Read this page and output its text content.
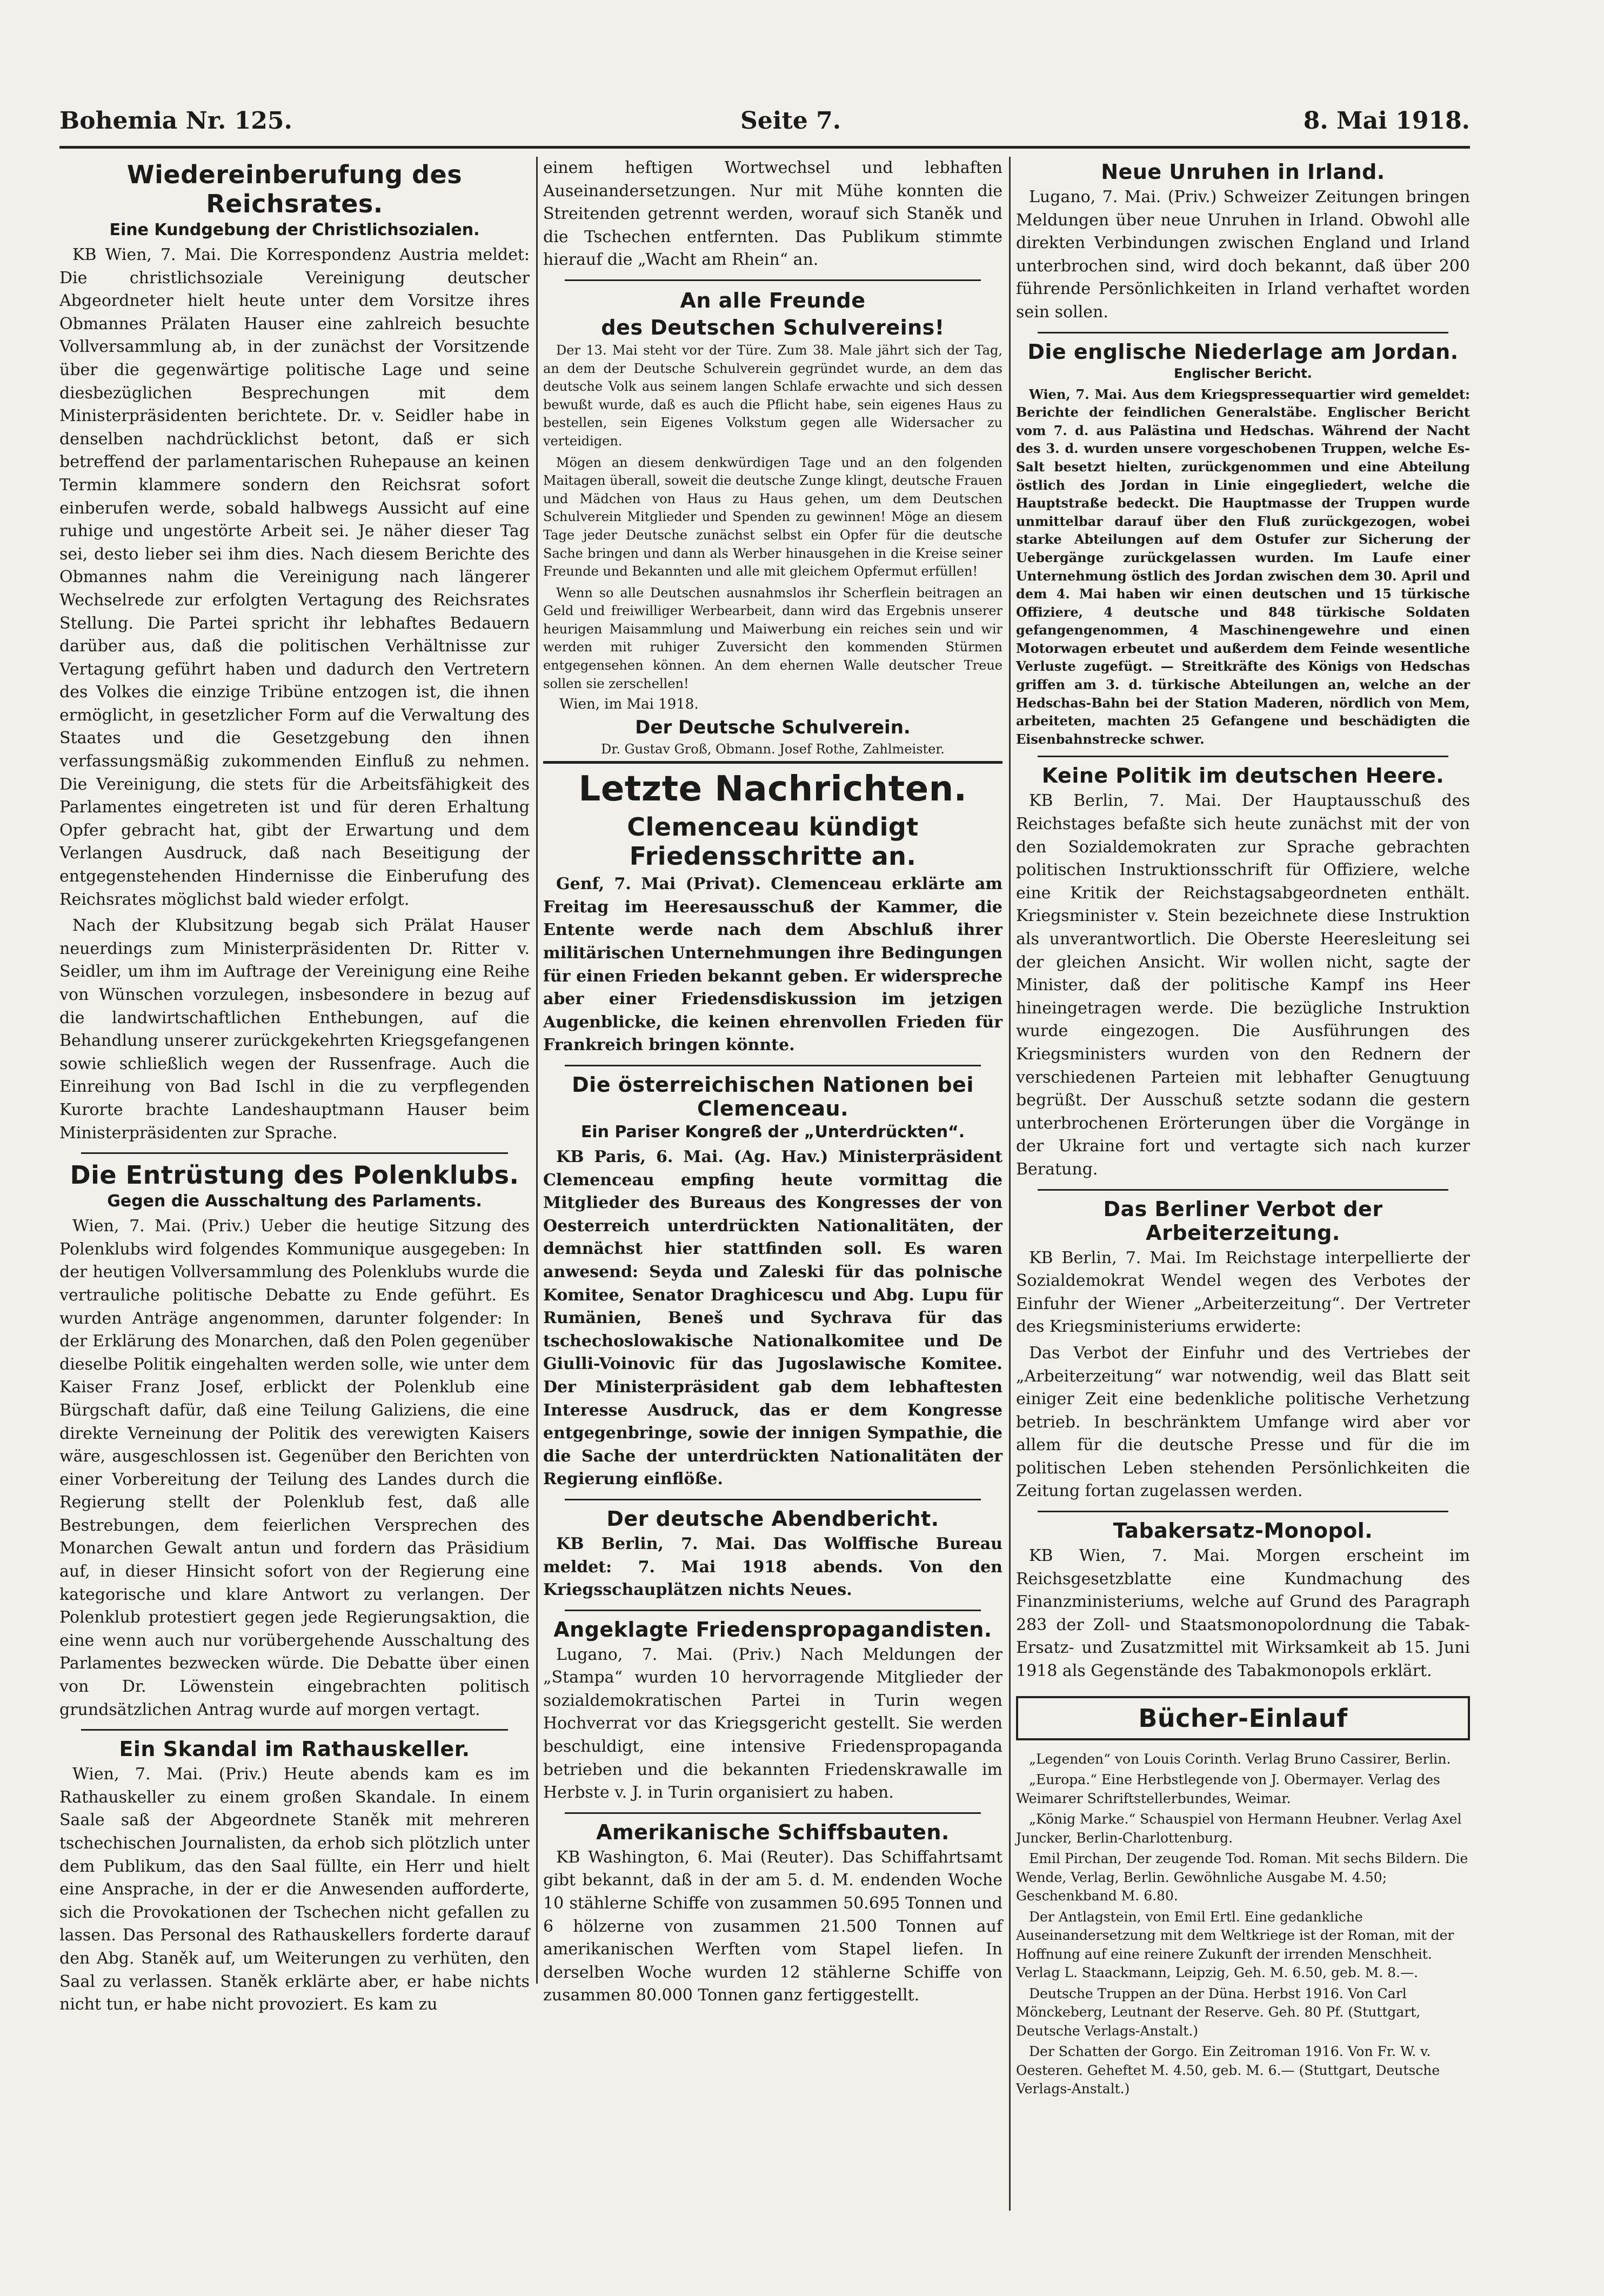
Bohemia Nr. 125.	Seite 7.	8. Mai 1918.
Wiedereinberufung des Reichsrates.
Eine Kundgebung der Christlichsozialen.

KB Wien, 7. Mai. Die Korrespondenz Austria meldet: Die christlichsoziale Vereinigung deutscher Abgeordneter hielt heute unter dem Vorsitze ihres Obmannes Prälaten Hauser eine zahlreich besuchte Vollversammlung ab, in der zunächst der Vorsitzende über die gegenwärtige politische Lage und seine diesbezüglichen Besprechungen mit dem Ministerpräsidenten berichtete. Dr. v. Seidler habe in denselben nachdrücklichst betont, daß er sich betreffend der parlamentarischen Ruhepause an keinen Termin klammere sondern den Reichsrat sofort einberufen werde, sobald halbwegs Aussicht auf eine ruhige und ungestörte Arbeit sei. Je näher dieser Tag sei, desto lieber sei ihm dies. Nach diesem Berichte des Obmannes nahm die Vereinigung nach längerer Wechselrede zur erfolgten Vertagung des Reichsrates Stellung. Die Partei spricht ihr lebhaftes Bedauern darüber aus, daß die politischen Verhältnisse zur Vertagung geführt haben und dadurch den Vertretern des Volkes die einzige Tribüne entzogen ist, die ihnen ermöglicht, in gesetzlicher Form auf die Verwaltung des Staates und die Gesetzgebung den ihnen verfassungsmäßig zukommenden Einfluß zu nehmen. Die Vereinigung, die stets für die Arbeitsfähigkeit des Parlamentes eingetreten ist und für deren Erhaltung Opfer gebracht hat, gibt der Erwartung und dem Verlangen Ausdruck, daß nach Beseitigung der entgegenstehenden Hindernisse die Einberufung des Reichsrates möglichst bald wieder erfolgt.

Nach der Klubsitzung begab sich Prälat Hauser neuerdings zum Ministerpräsidenten Dr. Ritter v. Seidler, um ihm im Auftrage der Vereinigung eine Reihe von Wünschen vorzulegen, insbesondere in bezug auf die landwirtschaftlichen Enthebungen, auf die Behandlung unserer zurückgekehrten Kriegsgefangenen sowie schließlich wegen der Russenfrage. Auch die Einreihung von Bad Ischl in die zu verpflegenden Kurorte brachte Landeshauptmann Hauser beim Ministerpräsidenten zur Sprache.

Die Entrüstung des Polenklubs.
Gegen die Ausschaltung des Parlaments.

Wien, 7. Mai. (Priv.) Ueber die heutige Sitzung des Polenklubs wird folgendes Kommunique ausgegeben: In der heutigen Vollversammlung des Polenklubs wurde die vertrauliche politische Debatte zu Ende geführt. Es wurden Anträge angenommen, darunter folgender: In der Erklärung des Monarchen, daß den Polen gegenüber dieselbe Politik eingehalten werden solle, wie unter dem Kaiser Franz Josef, erblickt der Polenklub eine Bürgschaft dafür, daß eine Teilung Galiziens, die eine direkte Verneinung der Politik des verewigten Kaisers wäre, ausgeschlossen ist. Gegenüber den Berichten von einer Vorbereitung der Teilung des Landes durch die Regierung stellt der Polenklub fest, daß alle Bestrebungen, dem feierlichen Versprechen des Monarchen Gewalt antun und fordern das Präsidium auf, in dieser Hinsicht sofort von der Regierung eine kategorische und klare Antwort zu verlangen. Der Polenklub protestiert gegen jede Regierungsaktion, die eine wenn auch nur vorübergehende Ausschaltung des Parlamentes bezwecken würde. Die Debatte über einen von Dr. Löwenstein eingebrachten politisch grundsätzlichen Antrag wurde auf morgen vertagt.

Ein Skandal im Rathauskeller.

Wien, 7. Mai. (Priv.) Heute abends kam es im Rathauskeller zu einem großen Skandale. In einem Saale saß der Abgeordnete Staněk mit mehreren tschechischen Journalisten, da erhob sich plötzlich unter dem Publikum, das den Saal füllte, ein Herr und hielt eine Ansprache, in der er die Anwesenden aufforderte, sich die Provokationen der Tschechen nicht gefallen zu lassen. Das Personal des Rathauskellers forderte darauf den Abg. Staněk auf, um Weiterungen zu verhüten, den Saal zu verlassen. Staněk erklärte aber, er habe nichts nicht tun, er habe nicht provoziert. Es kam zu

einem heftigen Wortwechsel und lebhaften Auseinandersetzungen. Nur mit Mühe konnten die Streitenden getrennt werden, worauf sich Staněk und die Tschechen entfernten. Das Publikum stimmte hierauf die „Wacht am Rhein“ an.

An alle Freunde
des Deutschen Schulvereins!

Der 13. Mai steht vor der Türe. Zum 38. Male jährt sich der Tag, an dem der Deutsche Schulverein gegründet wurde, an dem das deutsche Volk aus seinem langen Schlafe erwachte und sich dessen bewußt wurde, daß es auch die Pflicht habe, sein eigenes Haus zu bestellen, sein Eigenes Volkstum gegen alle Widersacher zu verteidigen.

Mögen an diesem denkwürdigen Tage und an den folgenden Maitagen überall, soweit die deutsche Zunge klingt, deutsche Frauen und Mädchen von Haus zu Haus gehen, um dem Deutschen Schulverein Mitglieder und Spenden zu gewinnen! Möge an diesem Tage jeder Deutsche zunächst selbst ein Opfer für die deutsche Sache bringen und dann als Werber hinausgehen in die Kreise seiner Freunde und Bekannten und alle mit gleichem Opfermut erfüllen!

Wenn so alle Deutschen ausnahmslos ihr Scherflein beitragen an Geld und freiwilliger Werbearbeit, dann wird das Ergebnis unserer heurigen Maisammlung und Maiwerbung ein reiches sein und wir werden mit ruhiger Zuversicht den kommenden Stürmen entgegensehen können. An dem ehernen Walle deutscher Treue sollen sie zerschellen!

Wien, im Mai 1918.
Der Deutsche Schulverein.
Dr. Gustav Groß, Obmann. Josef Rothe, Zahlmeister.
Letzte Nachrichten.
Clemenceau kündigt Friedensschritte an.

Genf, 7. Mai (Privat). Clemenceau erklärte am Freitag im Heeresausschuß der Kammer, die Entente werde nach dem Abschluß ihrer militärischen Unternehmungen ihre Bedingungen für einen Frieden bekannt geben. Er widerspreche aber einer Friedensdiskussion im jetzigen Augenblicke, die keinen ehrenvollen Frieden für Frankreich bringen könnte.

Die österreichischen Nationen bei Clemenceau.
Ein Pariser Kongreß der „Unterdrückten“.

KB Paris, 6. Mai. (Ag. Hav.) Ministerpräsident Clemenceau empfing heute vormittag die Mitglieder des Bureaus des Kongresses der von Oesterreich unterdrückten Nationalitäten, der demnächst hier stattfinden soll. Es waren anwesend: Seyda und Zaleski für das polnische Komitee, Senator Draghicescu und Abg. Lupu für Rumänien, Beneš und Sychrava für das tschechoslowakische Nationalkomitee und De Giulli-Voinovic für das Jugoslawische Komitee. Der Ministerpräsident gab dem lebhaftesten Interesse Ausdruck, das er dem Kongresse entgegenbringe, sowie der innigen Sympathie, die die Sache der unterdrückten Nationalitäten der Regierung einflöße.

Der deutsche Abendbericht.

KB Berlin, 7. Mai. Das Wolffische Bureau meldet: 7. Mai 1918 abends. Von den Kriegsschauplätzen nichts Neues.

Angeklagte Friedenspropagandisten.

Lugano, 7. Mai. (Priv.) Nach Meldungen der „Stampa“ wurden 10 hervorragende Mitglieder der sozialdemokratischen Partei in Turin wegen Hochverrat vor das Kriegsgericht gestellt. Sie werden beschuldigt, eine intensive Friedenspropaganda betrieben und die bekannten Friedenskrawalle im Herbste v. J. in Turin organisiert zu haben.

Amerikanische Schiffsbauten.

KB Washington, 6. Mai (Reuter). Das Schiffahrtsamt gibt bekannt, daß in der am 5. d. M. endenden Woche 10 stählerne Schiffe von zusammen 50.695 Tonnen und 6 hölzerne von zusammen 21.500 Tonnen auf amerikanischen Werften vom Stapel liefen. In derselben Woche wurden 12 stählerne Schiffe von zusammen 80.000 Tonnen ganz fertiggestellt.

Neue Unruhen in Irland.

Lugano, 7. Mai. (Priv.) Schweizer Zeitungen bringen Meldungen über neue Unruhen in Irland. Obwohl alle direkten Verbindungen zwischen England und Irland unterbrochen sind, wird doch bekannt, daß über 200 führende Persönlichkeiten in Irland verhaftet worden sein sollen.

Die englische Niederlage am Jordan.
Englischer Bericht.

Wien, 7. Mai. Aus dem Kriegspressequartier wird gemeldet: Berichte der feindlichen Generalstäbe. Englischer Bericht vom 7. d. aus Palästina und Hedschas. Während der Nacht des 3. d. wurden unsere vorgeschobenen Truppen, welche Es-Salt besetzt hielten, zurückgenommen und eine Abteilung östlich des Jordan in Linie eingegliedert, welche die Hauptstraße bedeckt. Die Hauptmasse der Truppen wurde unmittelbar darauf über den Fluß zurückgezogen, wobei starke Abteilungen auf dem Ostufer zur Sicherung der Uebergänge zurückgelassen wurden. Im Laufe einer Unternehmung östlich des Jordan zwischen dem 30. April und dem 4. Mai haben wir einen deutschen und 15 türkische Offiziere, 4 deutsche und 848 türkische Soldaten gefangengenommen, 4 Maschinengewehre und einen Motorwagen erbeutet und außerdem dem Feinde wesentliche Verluste zugefügt. — Streitkräfte des Königs von Hedschas griffen am 3. d. türkische Abteilungen an, welche an der Hedschas-Bahn bei der Station Maderen, nördlich von Mem, arbeiteten, machten 25 Gefangene und beschädigten die Eisenbahnstrecke schwer.

Keine Politik im deutschen Heere.

KB Berlin, 7. Mai. Der Hauptausschuß des Reichstages befaßte sich heute zunächst mit der von den Sozialdemokraten zur Sprache gebrachten politischen Instruktionsschrift für Offiziere, welche eine Kritik der Reichstagsabgeordneten enthält. Kriegsminister v. Stein bezeichnete diese Instruktion als unverantwortlich. Die Oberste Heeresleitung sei der gleichen Ansicht. Wir wollen nicht, sagte der Minister, daß der politische Kampf ins Heer hineingetragen werde. Die bezügliche Instruktion wurde eingezogen. Die Ausführungen des Kriegsministers wurden von den Rednern der verschiedenen Parteien mit lebhafter Genugtuung begrüßt. Der Ausschuß setzte sodann die gestern unterbrochenen Erörterungen über die Vorgänge in der Ukraine fort und vertagte sich nach kurzer Beratung.

Das Berliner Verbot der Arbeiterzeitung.

KB Berlin, 7. Mai. Im Reichstage interpellierte der Sozialdemokrat Wendel wegen des Verbotes der Einfuhr der Wiener „Arbeiterzeitung“. Der Vertreter des Kriegsministeriums erwiderte:

Das Verbot der Einfuhr und des Vertriebes der „Arbeiterzeitung“ war notwendig, weil das Blatt seit einiger Zeit eine bedenkliche politische Verhetzung betrieb. In beschränktem Umfange wird aber vor allem für die deutsche Presse und für die im politischen Leben stehenden Persönlichkeiten die Zeitung fortan zugelassen werden.

Tabakersatz-Monopol.

KB Wien, 7. Mai. Morgen erscheint im Reichsgesetzblatte eine Kundmachung des Finanzministeriums, welche auf Grund des Paragraph 283 der Zoll- und Staatsmonopolordnung die Tabak-Ersatz- und Zusatzmittel mit Wirksamkeit ab 15. Juni 1918 als Gegenstände des Tabakmonopols erklärt.

Bücher-Einlauf

„Legenden“ von Louis Corinth. Verlag Bruno Cassirer, Berlin.

„Europa.“ Eine Herbstlegende von J. Obermayer. Verlag des Weimarer Schriftstellerbundes, Weimar.

„König Marke.“ Schauspiel von Hermann Heubner. Verlag Axel Juncker, Berlin-Charlottenburg.

Emil Pirchan, Der zeugende Tod. Roman. Mit sechs Bildern. Die Wende, Verlag, Berlin. Gewöhnliche Ausgabe M. 4.50; Geschenkband M. 6.80.

Der Antlagstein, von Emil Ertl. Eine gedankliche Auseinandersetzung mit dem Weltkriege ist der Roman, mit der Hoffnung auf eine reinere Zukunft der irrenden Menschheit. Verlag L. Staackmann, Leipzig, Geh. M. 6.50, geb. M. 8.—.

Deutsche Truppen an der Düna. Herbst 1916. Von Carl Mönckeberg, Leutnant der Reserve. Geh. 80 Pf. (Stuttgart, Deutsche Verlags-Anstalt.)

Der Schatten der Gorgo. Ein Zeitroman 1916. Von Fr. W. v. Oesteren. Geheftet M. 4.50, geb. M. 6.— (Stuttgart, Deutsche Verlags-Anstalt.)
